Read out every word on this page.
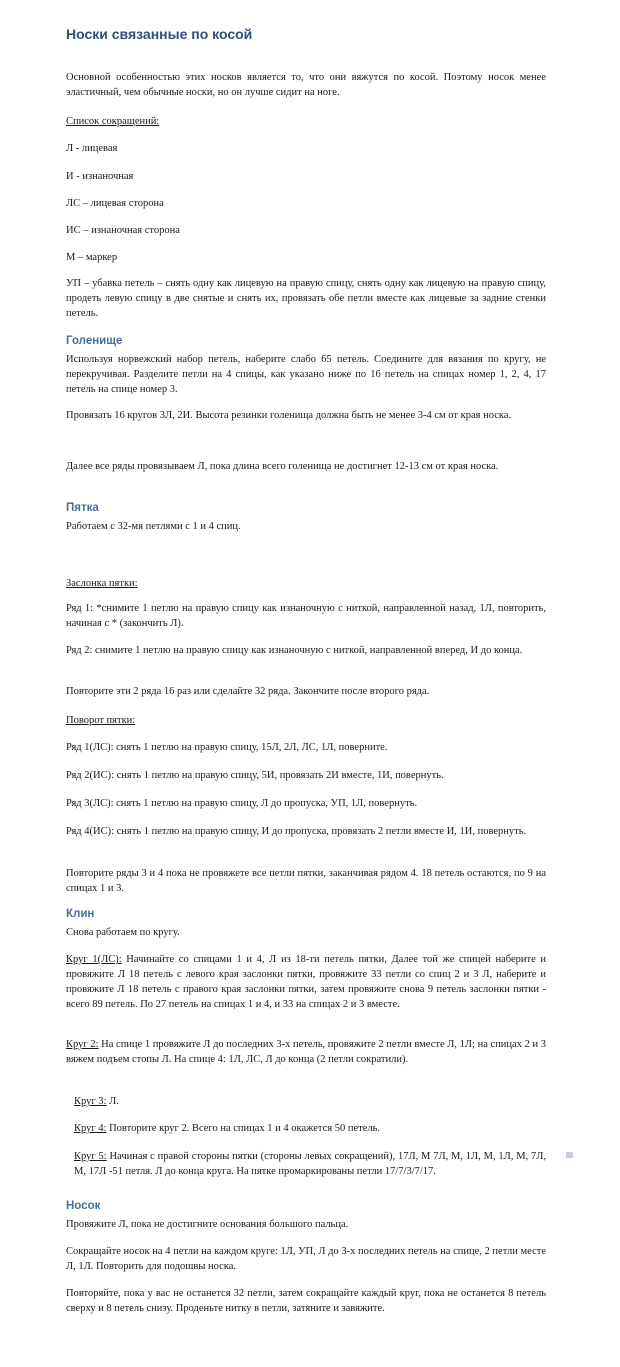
Носки связанные по косой

Основной особенностью этих носков является то, что они вяжутся по косой. Поэтому носок менее эластичный, чем обычные носки, но он лучше сидит на ноге.

Список сокращений:

Л - лицевая

И - изнаночная

ЛС – лицевая сторона

ИС – изнаночная сторона

М – маркер

УП – убавка петель – снять одну как лицевую на правую спицу, снять одну как лицевую на правую спицу, продеть левую спицу в две снятые и снять их, провязать обе петли вместе как лицевые за задние стенки петель.

Голенище

Используя норвежский набор петель, наберите слабо 65 петель. Соедините для вязания по кругу, не перекручивая. Разделите петли на 4 спицы, как указано ниже по 16 петель на спицах номер 1, 2, 4, 17 петель на спице номер 3.

Провязать 16 кругов 3Л, 2И. Высота резинки голенища должна быть не менее 3-4 см от края носка.

Далее все ряды провязываем Л, пока длина всего голенища не достигнет 12-13 см от края носка.

Пятка

Работаем с 32-мя петлями с 1 и 4 спиц.

Заслонка пятки:

Ряд 1: *снимите 1 петлю на правую спицу как изнаночную с ниткой, направленной назад, 1Л, повторить, начиная с * (закончить Л).

Ряд 2: снимите 1 петлю на правую спицу как изнаночную с ниткой, направленной вперед, И до конца.

Повторите эти 2 ряда 16 раз или сделайте 32 ряда. Закончите после второго ряда.

Поворот пятки:

Ряд 1(ЛС): снять 1 петлю на правую спицу, 15Л, 2Л, ЛС, 1Л, поверните.

Ряд 2(ИС): снять 1 петлю на правую спицу, 5И, провязать 2И вместе, 1И, повернуть.

Ряд 3(ЛС): снять 1 петлю на правую спицу, Л до пропуска, УП, 1Л, повернуть.

Ряд 4(ИС): снять 1 петлю на правую спицу, И до пропуска, провязать 2 петли вместе И, 1И, повернуть.

Повторите ряды 3 и 4 пока не провяжете все петли пятки, заканчивая рядом 4. 18 петель остаются, по 9 на спицах 1 и 3.

Клин

Снова работаем по кругу.

Круг 1(ЛС): Начинайте со спицами 1 и 4, Л из 18-ти петель пятки, Далее той же спицей наберите и провяжите Л 18 петель с левого края заслонки пятки, провяжите 33 петли со спиц 2 и 3 Л, наберите и провяжите Л 18 петель с правого края заслонки пятки, затем провяжите снова 9 петель заслонки пятки - всего 89 петель. По 27 петель на спицах 1 и 4, и 33 на спицах 2 и 3 вместе.

Круг 2: На спице 1 провяжите Л до последних 3-х петель, провяжите 2 петли вместе Л, 1Л; на спицах 2 и 3 вяжем подъем стопы Л. На спице 4: 1Л, ЛС, Л до конца (2 петли сократили).

Круг 3: Л.

Круг 4: Повторите круг 2. Всего на спицах 1 и 4 окажется 50 петель.

Круг 5: Начиная с правой стороны пятки (стороны левых сокращений), 17Л, М 7Л, М, 1Л, М, 1Л, М, 7Л, М, 17Л -51 петля. Л до конца круга. На пятке промаркированы петли 17/7/3/7/17.

Носок

Провяжите Л, пока не достигните основания большого пальца.

Сокращайте носок на 4 петли на каждом круге: 1Л, УП, Л до 3-х последних петель на спице, 2 петли месте Л, 1Л. Повторить для подошвы носка.

Повторяйте, пока у вас не останется 32 петли, затем сокращайте каждый круг, пока не останется 8 петель сверху и 8 петель снизу. Проденьте нитку в петли, затяните и завяжите.
